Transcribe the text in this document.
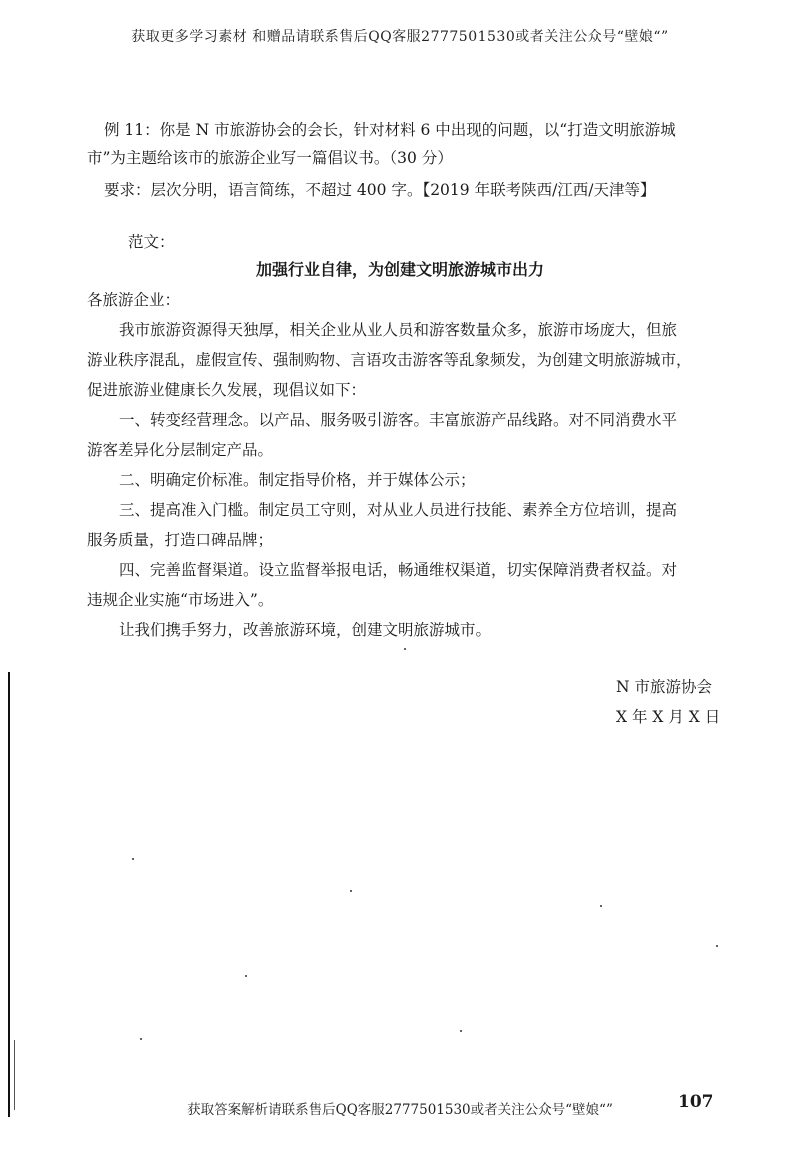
获取更多学习素材 和赠品请联系售后QQ客服2777501530或者关注公众号“壁娘“”
例 11：你是 N 市旅游协会的会长，针对材料 6 中出现的问题，以“打造文明旅游城
市”为主题给该市的旅游企业写一篇倡议书。（30 分）
要求：层次分明，语言简练，不超过 400 字。【2019 年联考陕西/江西/天津等】
范文：
加强行业自律，为创建文明旅游城市出力
各旅游企业：
我市旅游资源得天独厚，相关企业从业人员和游客数量众多，旅游市场庞大，但旅
游业秩序混乱，虚假宣传、强制购物、言语攻击游客等乱象频发，为创建文明旅游城市，
促进旅游业健康长久发展，现倡议如下：
一、转变经营理念。以产品、服务吸引游客。丰富旅游产品线路。对不同消费水平
游客差异化分层制定产品。
二、明确定价标准。制定指导价格，并于媒体公示；
三、提高准入门槛。制定员工守则，对从业人员进行技能、素养全方位培训，提高
服务质量，打造口碑品牌；
四、完善监督渠道。设立监督举报电话，畅通维权渠道，切实保障消费者权益。对
违规企业实施“市场进入”。
让我们携手努力，改善旅游环境，创建文明旅游城市。
N 市旅游协会
X 年 X 月 X 日
获取答案解析请联系售后QQ客服2777501530或者关注公众号“壁娘“”	107
